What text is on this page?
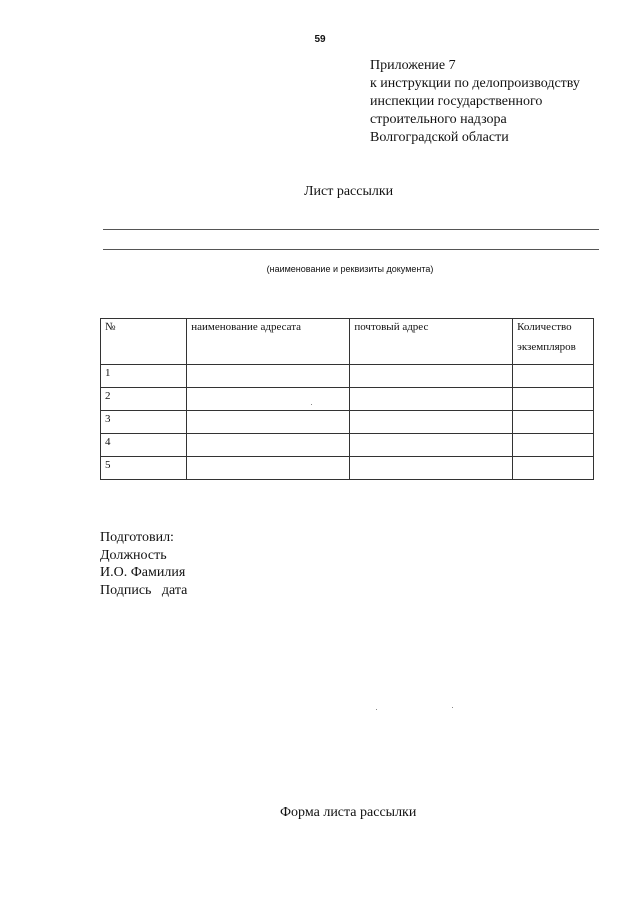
59
Приложение 7
к инструкции по делопроизводству
инспекции государственного
строительного надзора
Волгоградской области
Лист рассылки
(наименование и реквизиты документа)
№	наименование адресата	почтовый адрес	Количество
экземпляров

1			
2			
3			
4			
5			
Подготовил:
Должность
И.О. Фамилия
Подпись   дата
Форма листа рассылки
